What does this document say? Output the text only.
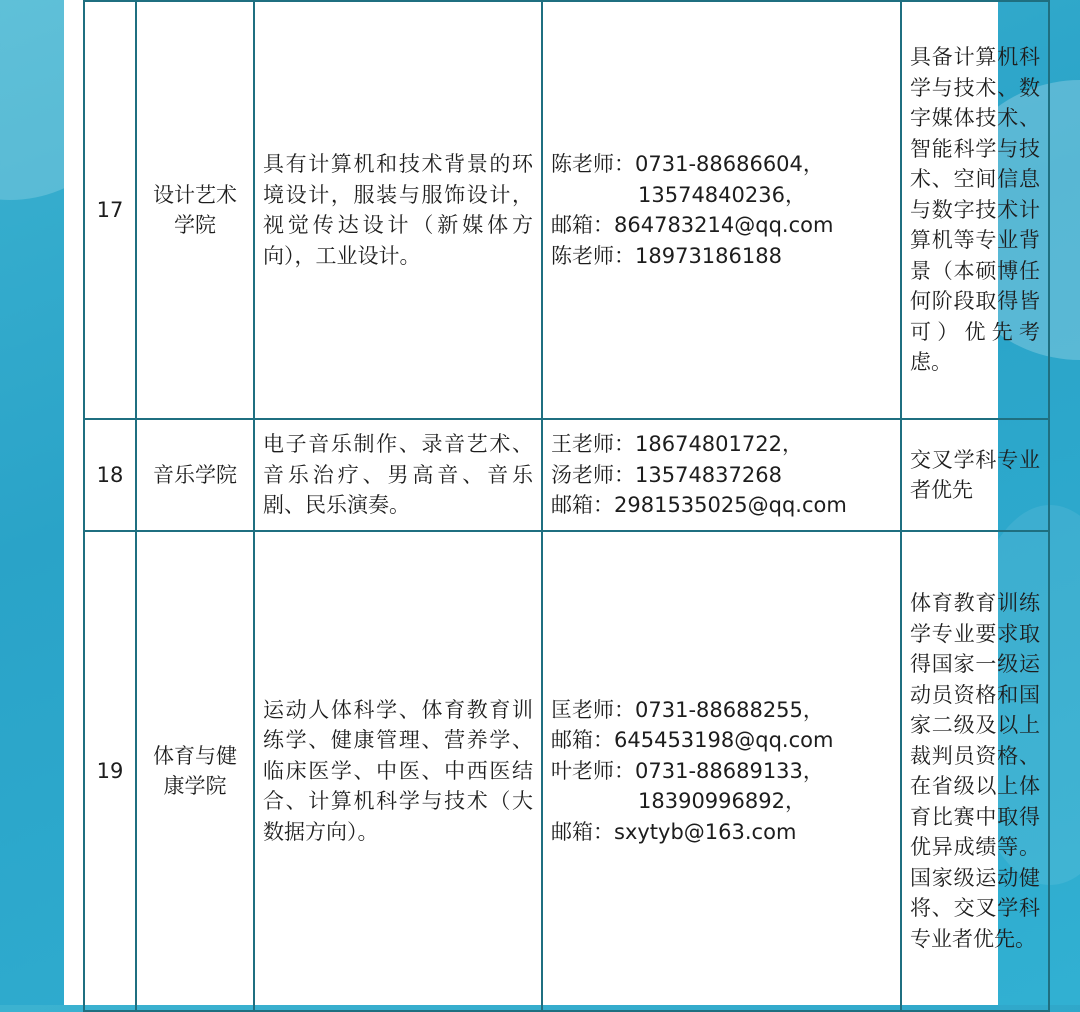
17	设计艺术学院	具有计算机和技术背景的环境设计，服装与服饰设计，视觉传达设计（新媒体方向），工业设计。	陈老师：0731-88686604，
13574840236，
邮箱：864783214@qq.com
陈老师：18973186188	具备计算机科学与技术、数字媒体技术、智能科学与技术、空间信息与数字技术计算机等专业背景（本硕博任何阶段取得皆可）优先考虑。
18	音乐学院	电子音乐制作、录音艺术、音乐治疗、男高音、音乐剧、民乐演奏。	王老师：18674801722，
汤老师：13574837268
邮箱：2981535025@qq.com	交叉学科专业者优先
19	体育与健康学院	运动人体科学、体育教育训练学、健康管理、营养学、临床医学、中医、中西医结合、计算机科学与技术（大数据方向）。	匡老师：0731-88688255，
邮箱：645453198@qq.com
叶老师：0731-88689133，
18390996892，
邮箱：sxytyb@163.com	体育教育训练学专业要求取得国家一级运动员资格和国家二级及以上裁判员资格、在省级以上体育比赛中取得优异成绩等。国家级运动健将、交叉学科专业者优先。
